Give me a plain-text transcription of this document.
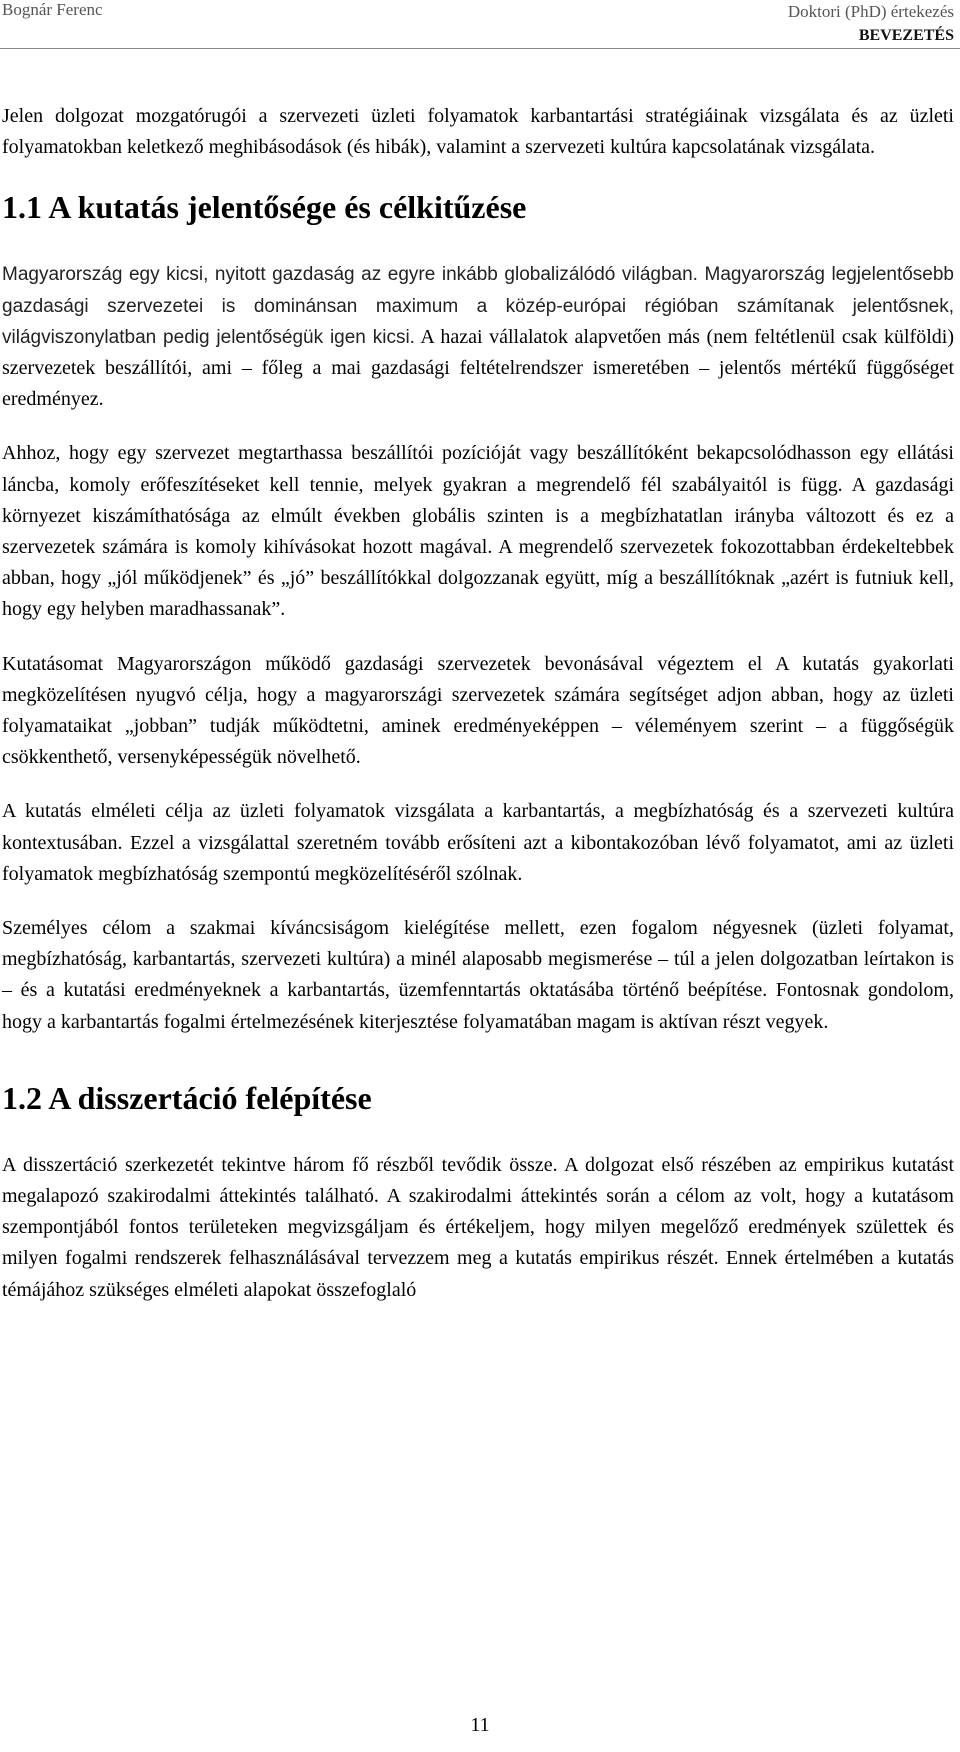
Bognár Ferenc	Doktori (PhD) értekezés
BEVEZETÉS

Jelen dolgozat mozgatórugói a szervezeti üzleti folyamatok karbantartási stratégiáinak vizsgálata és az üzleti folyamatokban keletkező meghibásodások (és hibák), valamint a szervezeti kultúra kapcsolatának vizsgálata.

1.1 A kutatás jelentősége és célkitűzése

Magyarország egy kicsi, nyitott gazdaság az egyre inkább globalizálódó világban. Magyarország legjelentősebb gazdasági szervezetei is dominánsan maximum a közép-európai régióban számítanak jelentősnek, világviszonylatban pedig jelentőségük igen kicsi. A hazai vállalatok alapvetően más (nem feltétlenül csak külföldi) szervezetek beszállítói, ami – főleg a mai gazdasági feltételrendszer ismeretében – jelentős mértékű függőséget eredményez.

Ahhoz, hogy egy szervezet megtarthassa beszállítói pozícióját vagy beszállítóként bekapcsolódhasson egy ellátási láncba, komoly erőfeszítéseket kell tennie, melyek gyakran a megrendelő fél szabályaitól is függ. A gazdasági környezet kiszámíthatósága az elmúlt években globális szinten is a megbízhatatlan irányba változott és ez a szervezetek számára is komoly kihívásokat hozott magával. A megrendelő szervezetek fokozottabban érdekeltebbek abban, hogy „jól működjenek” és „jó” beszállítókkal dolgozzanak együtt, míg a beszállítóknak „azért is futniuk kell, hogy egy helyben maradhassanak”.

Kutatásomat Magyarországon működő gazdasági szervezetek bevonásával végeztem el A kutatás gyakorlati megközelítésen nyugvó célja, hogy a magyarországi szervezetek számára segítséget adjon abban, hogy az üzleti folyamataikat „jobban” tudják működtetni, aminek eredményeképpen – véleményem szerint – a függőségük csökkenthető, versenyképességük növelhető.

A kutatás elméleti célja az üzleti folyamatok vizsgálata a karbantartás, a megbízhatóság és a szervezeti kultúra kontextusában. Ezzel a vizsgálattal szeretném tovább erősíteni azt a kibontakozóban lévő folyamatot, ami az üzleti folyamatok megbízhatóság szempontú megközelítéséről szólnak.

Személyes célom a szakmai kíváncsiságom kielégítése mellett, ezen fogalom négyesnek (üzleti folyamat, megbízhatóság, karbantartás, szervezeti kultúra) a minél alaposabb megismerése – túl a jelen dolgozatban leírtakon is – és a kutatási eredményeknek a karbantartás, üzemfenntartás oktatásába történő beépítése. Fontosnak gondolom, hogy a karbantartás fogalmi értelmezésének kiterjesztése folyamatában magam is aktívan részt vegyek.

1.2 A disszertáció felépítése

A disszertáció szerkezetét tekintve három fő részből tevődik össze. A dolgozat első részében az empirikus kutatást megalapozó szakirodalmi áttekintés található. A szakirodalmi áttekintés során a célom az volt, hogy a kutatásom szempontjából fontos területeken megvizsgáljam és értékeljem, hogy milyen megelőző eredmények születtek és milyen fogalmi rendszerek felhasználásával tervezzem meg a kutatás empirikus részét. Ennek értelmében a kutatás témájához szükséges elméleti alapokat összefoglaló

11
